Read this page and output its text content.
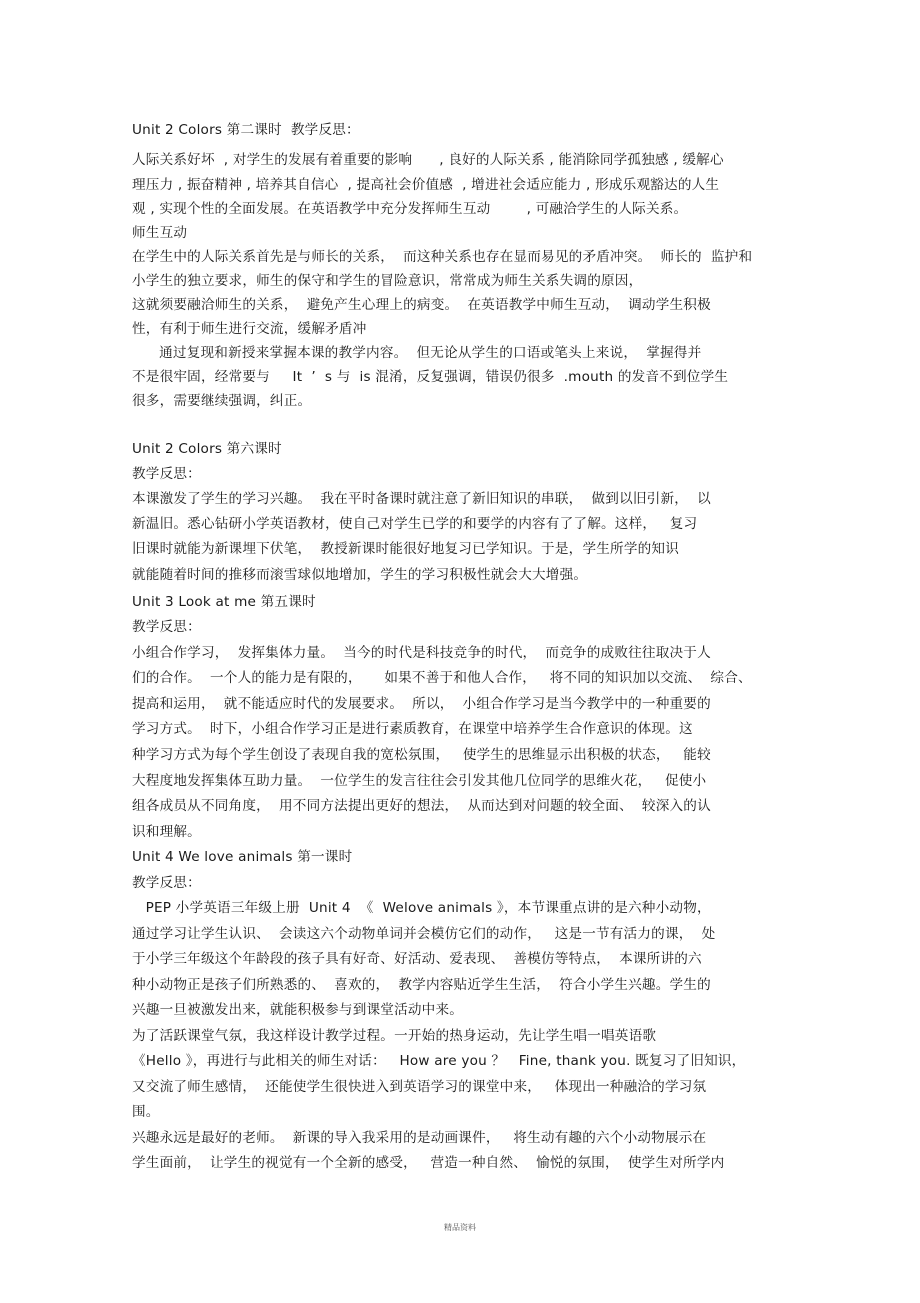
Unit 2 Colors 第二课时  教学反思：
人际关系好坏  , 对学生的发展有着重要的影响      , 良好的人际关系 , 能消除同学孤独感 , 缓解心
理压力 , 振奋精神 , 培养其自信心  , 提高社会价值感  , 增进社会适应能力 , 形成乐观豁达的人生
观 , 实现个性的全面发展。在英语教学中充分发挥师生互动        , 可融洽学生的人际关系。
师生互动
在学生中的人际关系首先是与师长的关系，  而这种关系也存在显而易见的矛盾冲突。  师长的  监护和
小学生的独立要求，师生的保守和学生的冒险意识，常常成为师生关系失调的原因，
这就须要融洽师生的关系，  避免产生心理上的病变。  在英语教学中师生互动，  调动学生积极
性，有利于师生进行交流，缓解矛盾冲
通过复现和新授来掌握本课的教学内容。  但无论从学生的口语或笔头上来说，  掌握得并
不是很牢固，经常要与     It  ’  s 与  is 混淆，反复强调，错误仍很多  .mouth 的发音不到位学生
很多，需要继续强调，纠正。
Unit 2 Colors 第六课时
教学反思：
本课激发了学生的学习兴趣。  我在平时备课时就注意了新旧知识的串联，  做到以旧引新，  以
新温旧。悉心钻研小学英语教材，使自己对学生已学的和要学的内容有了了解。这样，   复习
旧课时就能为新课埋下伏笔，  教授新课时能很好地复习已学知识。于是，学生所学的知识
就能随着时间的推移而滚雪球似地增加，学生的学习积极性就会大大增强。
Unit 3 Look at me 第五课时
教学反思：
小组合作学习，  发挥集体力量。  当今的时代是科技竞争的时代，  而竞争的成败往往取决于人
们的合作。  一个人的能力是有限的，     如果不善于和他人合作，   将不同的知识加以交流、  综合、
提高和运用，  就不能适应时代的发展要求。  所以，  小组合作学习是当今教学中的一种重要的
学习方式。  时下，小组合作学习正是进行素质教育，在课堂中培养学生合作意识的体现。这
种学习方式为每个学生创设了表现自我的宽松氛围，   使学生的思维显示出积极的状态，   能较
大程度地发挥集体互助力量。  一位学生的发言往往会引发其他几位同学的思维火花，   促使小
组各成员从不同角度，  用不同方法提出更好的想法，  从而达到对问题的较全面、  较深入的认
识和理解。
Unit 4 We love animals 第一课时
教学反思：
PEP 小学英语三年级上册  Unit 4  《  Welove animals 》，本节课重点讲的是六种小动物，
通过学习让学生认识、  会读这六个动物单词并会模仿它们的动作，   这是一节有活力的课，  处
于小学三年级这个年龄段的孩子具有好奇、好活动、爱表现、  善模仿等特点，  本课所讲的六
种小动物正是孩子们所熟悉的、  喜欢的，  教学内容贴近学生生活，  符合小学生兴趣。学生的
兴趣一旦被激发出来，就能积极参与到课堂活动中来。
为了活跃课堂气氛，我这样设计教学过程。一开始的热身运动，先让学生唱一唱英语歌
《Hello 》，再进行与此相关的师生对话：   How are you ？   Fine, thank you. 既复习了旧知识，
又交流了师生感情，  还能使学生很快进入到英语学习的课堂中来，   体现出一种融洽的学习氛
围。
兴趣永远是最好的老师。  新课的导入我采用的是动画课件，   将生动有趣的六个小动物展示在
学生面前，  让学生的视觉有一个全新的感受，   营造一种自然、  愉悦的氛围，  使学生对所学内
精品资料
